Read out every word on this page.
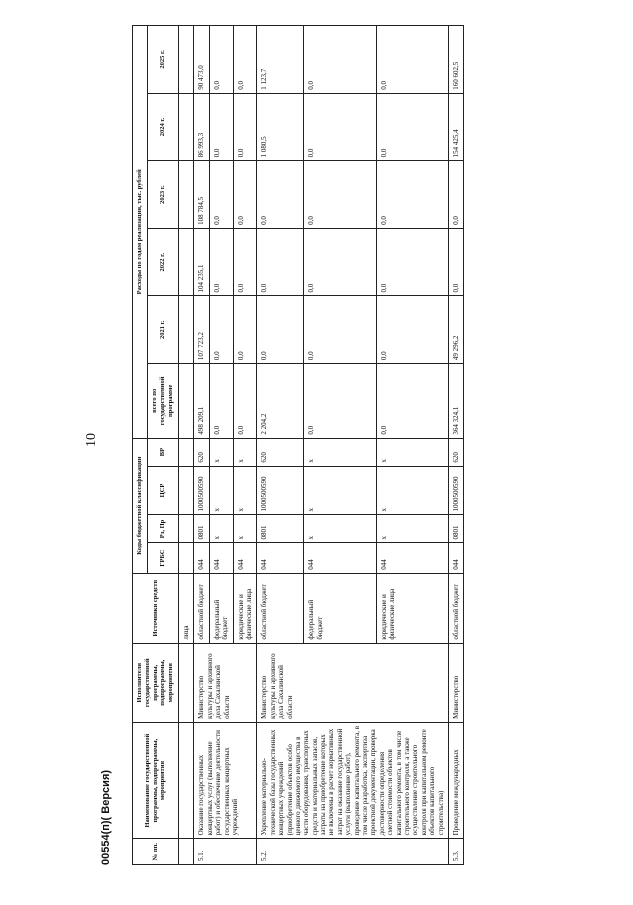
10
00554(п)( Версия)	№ пп.	Наименование государственной программы, подпрограммы, мероприятия	Исполнители государственной программы, подпрограммы, мероприятия	Источники средств	Коды бюджетной классификации				Расходы по годам реализации, тыс. рублей					
				ГРБС	Рз, Пр	ЦСР	ВР	всего по государственной программе	2021 г.	2022 г.	2023 г.	2024 г.	2025 г.
			лица										
5.1.	Оказание государственных концертных услуг (выполнение работ) и обеспечение деятельности государственных концертных учреждений	Министерство культуры и архивного дела Сахалинской области	областной бюджет	044	0801	1000500590	620	498 209,1	107 723,2	104 235,1	108 784,5	86 993,3	90 473,0
			федеральный бюджет	044	х	х	х	0,0	0,0	0,0	0,0	0,0	0,0
			юридические и физические лица	044	х	х	х	0,0	0,0	0,0	0,0	0,0	0,0
5.2.	Укрепление материально-технической базы государственных концертных учреждений (приобретение объектов особо ценного движимого имущества в части оборудования, транспортных средств и материальных запасов, затраты на приобретение которых не включены в расчет нормативных затрат на оказание государственной услуги (выполнение работ), проведение капитального ремонта, в том числе разработка, экспертиза проектной документации, проверка достоверности определения сметной стоимости объектов капитального ремонта, в том числе строительного контроля, а также осуществление строительного контроля при капитальном ремонте объектов капитального строительства)	Министерство культуры и архивного дела Сахалинской области	областной бюджет	044	0801	1000500590	620	2 204,2	0,0	0,0	0,0	1 080,5	1 123,7
			федеральный бюджет	044	х	х	х	0,0	0,0	0,0	0,0	0,0	0,0
			юридические и физические лица	044	х	х	х	0,0	0,0	0,0	0,0	0,0	0,0
5.3.	Проведение международных	Министерство	областной бюджет	044	0801	1000500590	620	364 324,1	49 296,2	0,0	0,0	154 425,4	160 602,5
